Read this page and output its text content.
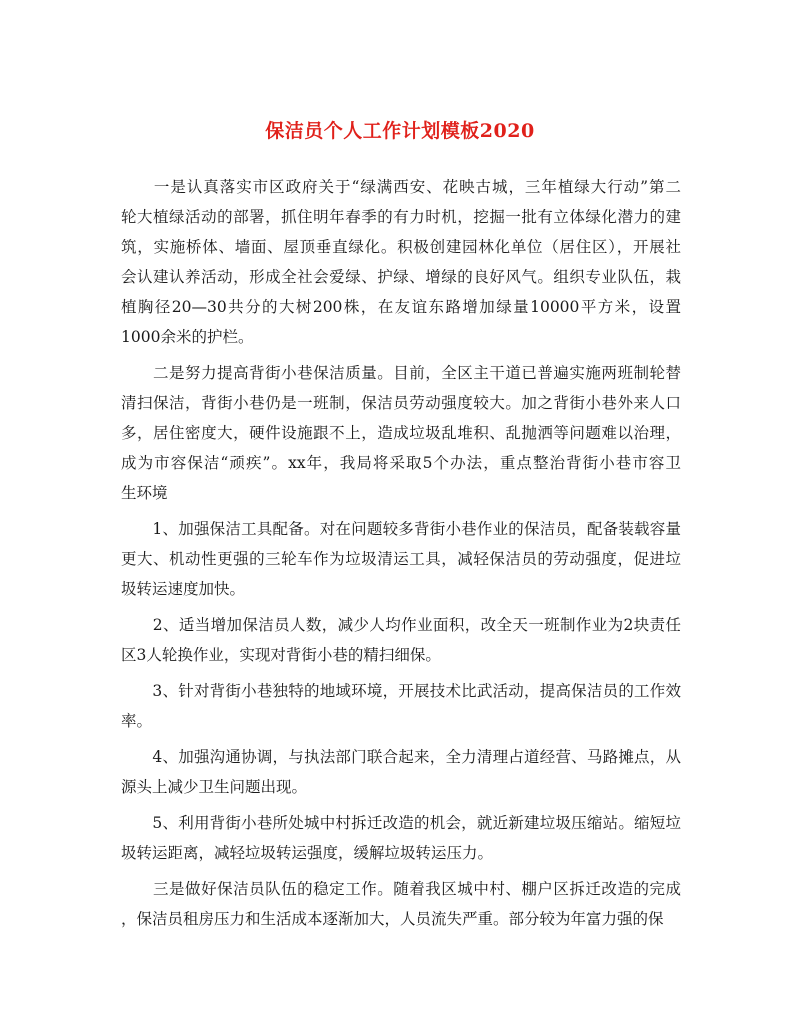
保洁员个人工作计划模板2020
　　一是认真落实市区政府关于“绿满西安、花映古城，三年植绿大行动”第二
轮大植绿活动的部署，抓住明年春季的有力时机，挖掘一批有立体绿化潜力的建
筑，实施桥体、墙面、屋顶垂直绿化。积极创建园林化单位（居住区），开展社
会认建认养活动，形成全社会爱绿、护绿、增绿的良好风气。组织专业队伍，栽
植胸径20—30共分的大树200株，在友谊东路增加绿量10000平方米，设置
1000余米的护栏。
　　二是努力提高背街小巷保洁质量。目前，全区主干道已普遍实施两班制轮替
清扫保洁，背街小巷仍是一班制，保洁员劳动强度较大。加之背街小巷外来人口
多，居住密度大，硬件设施跟不上，造成垃圾乱堆积、乱抛洒等问题难以治理，
成为市容保洁“顽疾”。xx年，我局将采取5个办法，重点整治背街小巷市容卫
生环境
　　1、加强保洁工具配备。对在问题较多背街小巷作业的保洁员，配备装载容量
更大、机动性更强的三轮车作为垃圾清运工具，减轻保洁员的劳动强度，促进垃
圾转运速度加快。
　　2、适当增加保洁员人数，减少人均作业面积，改全天一班制作业为2块责任
区3人轮换作业，实现对背街小巷的精扫细保。
　　3、针对背街小巷独特的地域环境，开展技术比武活动，提高保洁员的工作效
率。
　　4、加强沟通协调，与执法部门联合起来，全力清理占道经营、马路摊点，从
源头上减少卫生问题出现。
　　5、利用背街小巷所处城中村拆迁改造的机会，就近新建垃圾压缩站。缩短垃
圾转运距离，减轻垃圾转运强度，缓解垃圾转运压力。
　　三是做好保洁员队伍的稳定工作。随着我区城中村、棚户区拆迁改造的完成
，保洁员租房压力和生活成本逐渐加大，人员流失严重。部分较为年富力强的保
